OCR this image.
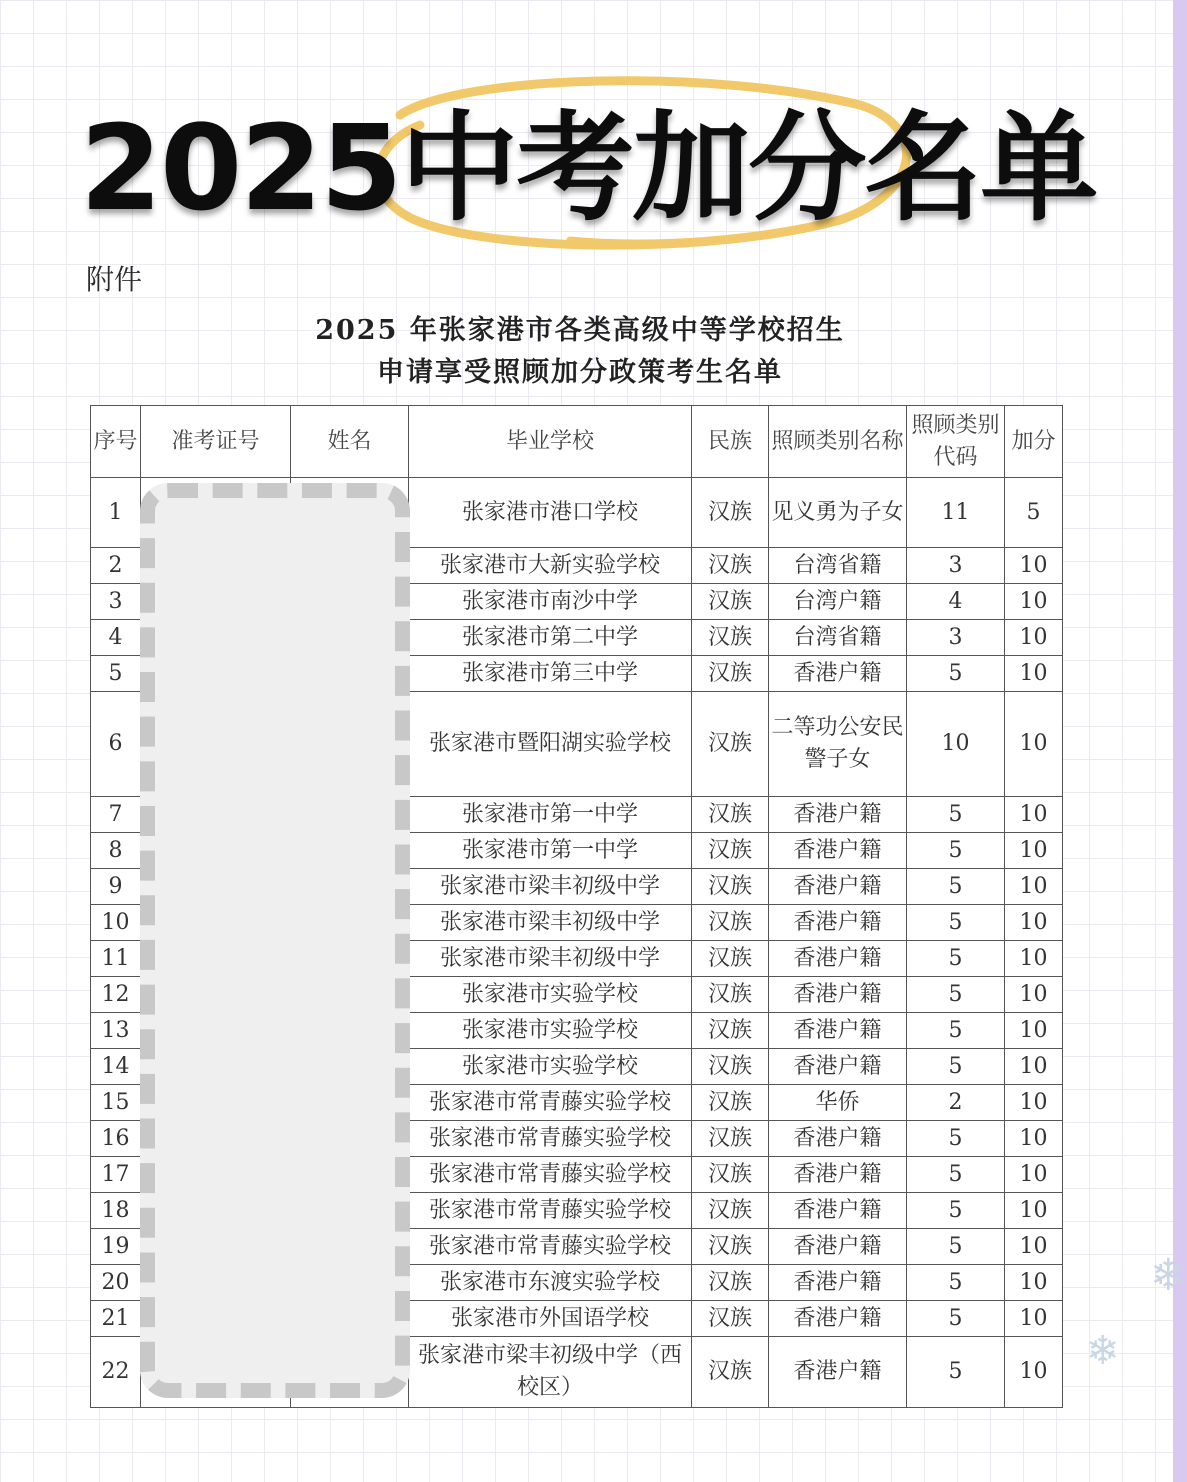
2025中考加分名单
附件
2025 年张家港市各类高级中等学校招生
申请享受照顾加分政策考生名单
序号	准考证号	姓名	毕业学校	民族	照顾类别名称	照顾类别代码	加分
1			张家港市港口学校	汉族	见义勇为子女	11	5
2			张家港市大新实验学校	汉族	台湾省籍	3	10
3			张家港市南沙中学	汉族	台湾户籍	4	10
4			张家港市第二中学	汉族	台湾省籍	3	10
5			张家港市第三中学	汉族	香港户籍	5	10
6			张家港市暨阳湖实验学校	汉族	二等功公安民警子女	10	10
7			张家港市第一中学	汉族	香港户籍	5	10
8			张家港市第一中学	汉族	香港户籍	5	10
9			张家港市梁丰初级中学	汉族	香港户籍	5	10
10			张家港市梁丰初级中学	汉族	香港户籍	5	10
11			张家港市梁丰初级中学	汉族	香港户籍	5	10
12			张家港市实验学校	汉族	香港户籍	5	10
13			张家港市实验学校	汉族	香港户籍	5	10
14			张家港市实验学校	汉族	香港户籍	5	10
15			张家港市常青藤实验学校	汉族	华侨	2	10
16			张家港市常青藤实验学校	汉族	香港户籍	5	10
17			张家港市常青藤实验学校	汉族	香港户籍	5	10
18			张家港市常青藤实验学校	汉族	香港户籍	5	10
19			张家港市常青藤实验学校	汉族	香港户籍	5	10
20			张家港市东渡实验学校	汉族	香港户籍	5	10
21			张家港市外国语学校	汉族	香港户籍	5	10
22			张家港市梁丰初级中学（西校区）	汉族	香港户籍	5	10
❄
❄
